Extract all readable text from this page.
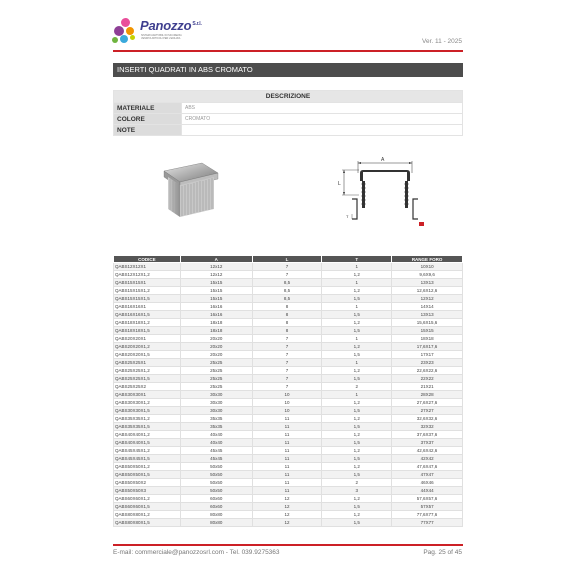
Panozzo$^{S.r.l.}$
SISTEMI ADATTABILI DI SICUREZZA
VENDITA ARTICOLI PER L'EDILIZIA	Ver. 11 - 2025
INSERTI QUADRATI IN ABS CROMATO
DESCRIZIONE	
MATERIALE	ABS
COLORE	CROMATO
NOTE	
A
L
T
CODICE	A	L	T	RANGE FORO
QABS12X12X1	12x12	7	1	10X10
QABS12X12X1,2	12x12	7	1,2	9,6X9,6
QABS15X15X1	15x15	8,5	1	13X13
QABS15X15X1,2	15x15	8,5	1,2	12,6X12,6
QABS15X15X1,5	15x15	8,5	1,5	12X12
QABS16X16X1	16x16	8	1	14X14
QABS16X16X1,5	16x16	8	1,5	13X13
QABS18X18X1,2	18x18	8	1,2	15,6X15,6
QABS18X18X1,5	18x18	8	1,5	15X15
QABS20X20X1	20x20	7	1	18X18
QABS20X20X1,2	20x20	7	1,2	17,6X17,6
QABS20X20X1,5	20x20	7	1,5	17X17
QABS25X25X1	25x25	7	1	23X23
QABS25X25X1,2	25x25	7	1,2	22,6X22,6
QABS25X25X1,5	25x25	7	1,5	22X22
QABS25X25X2	25x25	7	2	21X21
QABS30X30X1	30x30	10	1	28X28
QABS30X30X1,2	30x30	10	1,2	27,6X27,6
QABS30X30X1,5	30x30	10	1,5	27X27
QABS35X35X1,2	35x35	11	1,2	32,6X32,6
QABS35X35X1,5	35x35	11	1,5	32X32
QABS40X40X1,2	40x40	11	1,2	37,6X37,6
QABS40X40X1,5	40x40	11	1,5	37X37
QABS45X45X1,2	45x45	11	1,2	42,6X42,6
QABS45X45X1,5	45x45	11	1,5	42X42
QABS50X50X1,2	50x50	11	1,2	47,6X47,6
QABS50X50X1,5	50x50	11	1,5	47X47
QABS50X50X2	50x50	11	2	46X46
QABS50X50X3	50x50	11	3	44X44
QABS60X60X1,2	60x60	12	1,2	57,6X57,6
QABS60X60X1,5	60x60	12	1,5	57X57
QABS80X80X1,2	80x80	12	1,2	77,6X77,6
QABS80X80X1,5	80x80	12	1,5	77X77
E-mail: commerciale@panozzosrl.com - Tel. 039.9275363	Pag. 25 of 45
